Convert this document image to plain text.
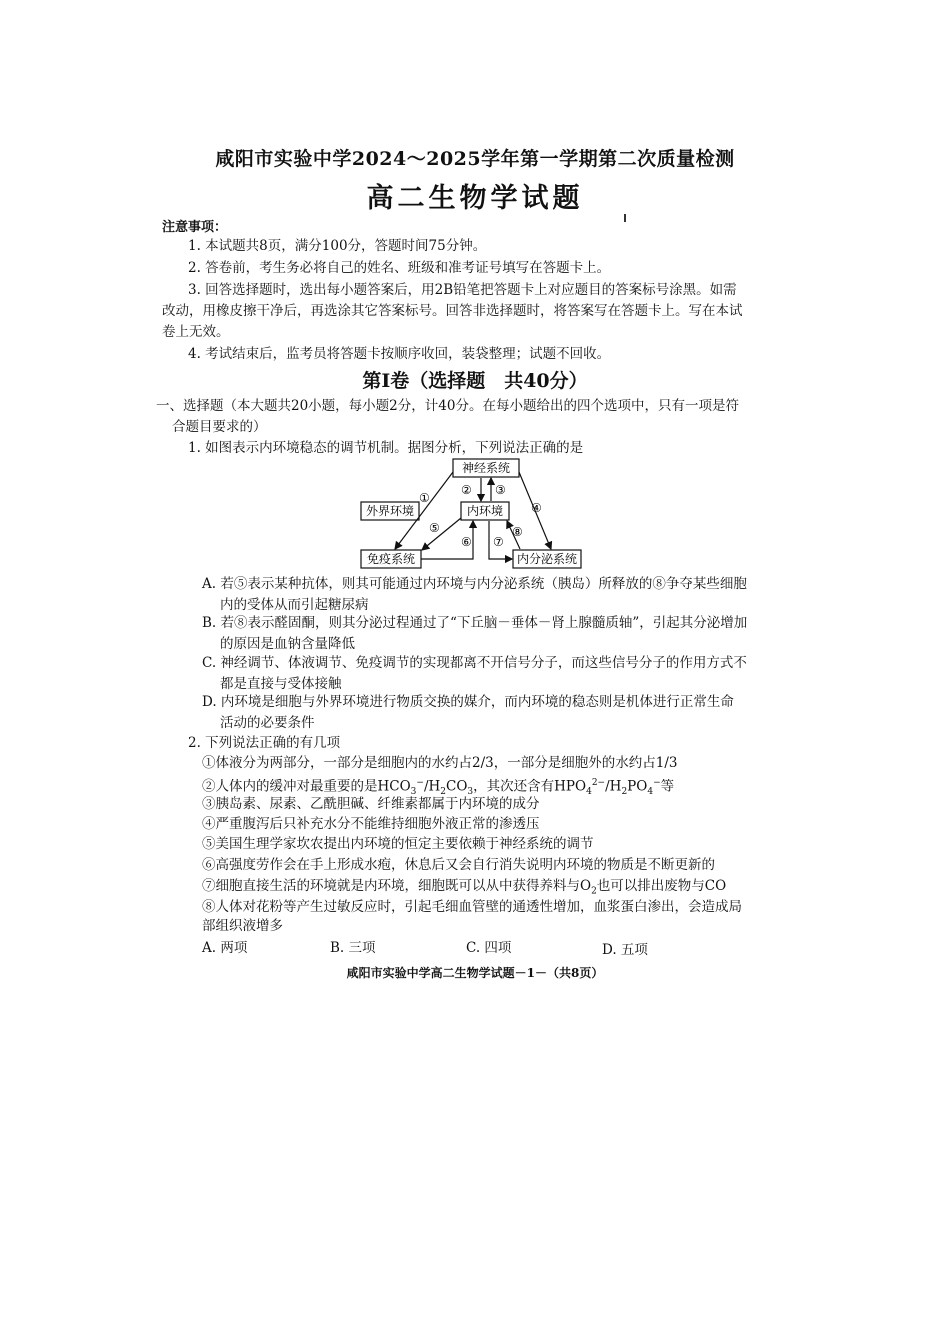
咸阳市实验中学2024～2025学年第一学期第二次质量检测
高二生物学试题
注意事项：
1. 本试题共8页，满分100分，答题时间75分钟。
2. 答卷前，考生务必将自己的姓名、班级和准考证号填写在答题卡上。
3. 回答选择题时，选出每小题答案后，用2B铅笔把答题卡上对应题目的答案标号涂黑。如需
改动，用橡皮擦干净后，再选涂其它答案标号。回答非选择题时，将答案写在答题卡上。写在本试
卷上无效。
4. 考试结束后，监考员将答题卡按顺序收回，装袋整理；试题不回收。
第Ⅰ卷（选择题　共40分）
一、选择题（本大题共20小题，每小题2分，计40分。在每小题给出的四个选项中，只有一项是符
合题目要求的）
1. 如图表示内环境稳态的调节机制。据图分析，下列说法正确的是
神经系统
外界环境	内环境
免疫系统	内分泌系统
①
② ③
④
⑤
⑥ ⑦
⑧
A. 若⑤表示某种抗体，则其可能通过内环境与内分泌系统（胰岛）所释放的⑧争夺某些细胞
内的受体从而引起糖尿病
B. 若⑧表示醛固酮，则其分泌过程通过了“下丘脑－垂体－肾上腺髓质轴”，引起其分泌增加
的原因是血钠含量降低
C. 神经调节、体液调节、免疫调节的实现都离不开信号分子，而这些信号分子的作用方式不
都是直接与受体接触
D. 内环境是细胞与外界环境进行物质交换的媒介，而内环境的稳态则是机体进行正常生命
活动的必要条件
2. 下列说法正确的有几项
①体液分为两部分，一部分是细胞内的水约占2/3，一部分是细胞外的水约占1/3
②人体内的缓冲对最重要的是$HCO_3^-/H_2CO_3$，其次还含有$HPO_4^{2-}/H_2PO_4^-$等
③胰岛素、尿素、乙酰胆碱、纤维素都属于内环境的成分
④严重腹泻后只补充水分不能维持细胞外液正常的渗透压
⑤美国生理学家坎农提出内环境的恒定主要依赖于神经系统的调节
⑥高强度劳作会在手上形成水疱，休息后又会自行消失说明内环境的物质是不断更新的
⑦细胞直接生活的环境就是内环境，细胞既可以从中获得养料与$O_2$也可以排出废物与CO
⑧人体对花粉等产生过敏反应时，引起毛细血管壁的通透性增加，血浆蛋白渗出，会造成局
部组织液增多
A. 两项	B. 三项	C. 四项	D. 五项
咸阳市实验中学高二生物学试题－1－（共8页）
